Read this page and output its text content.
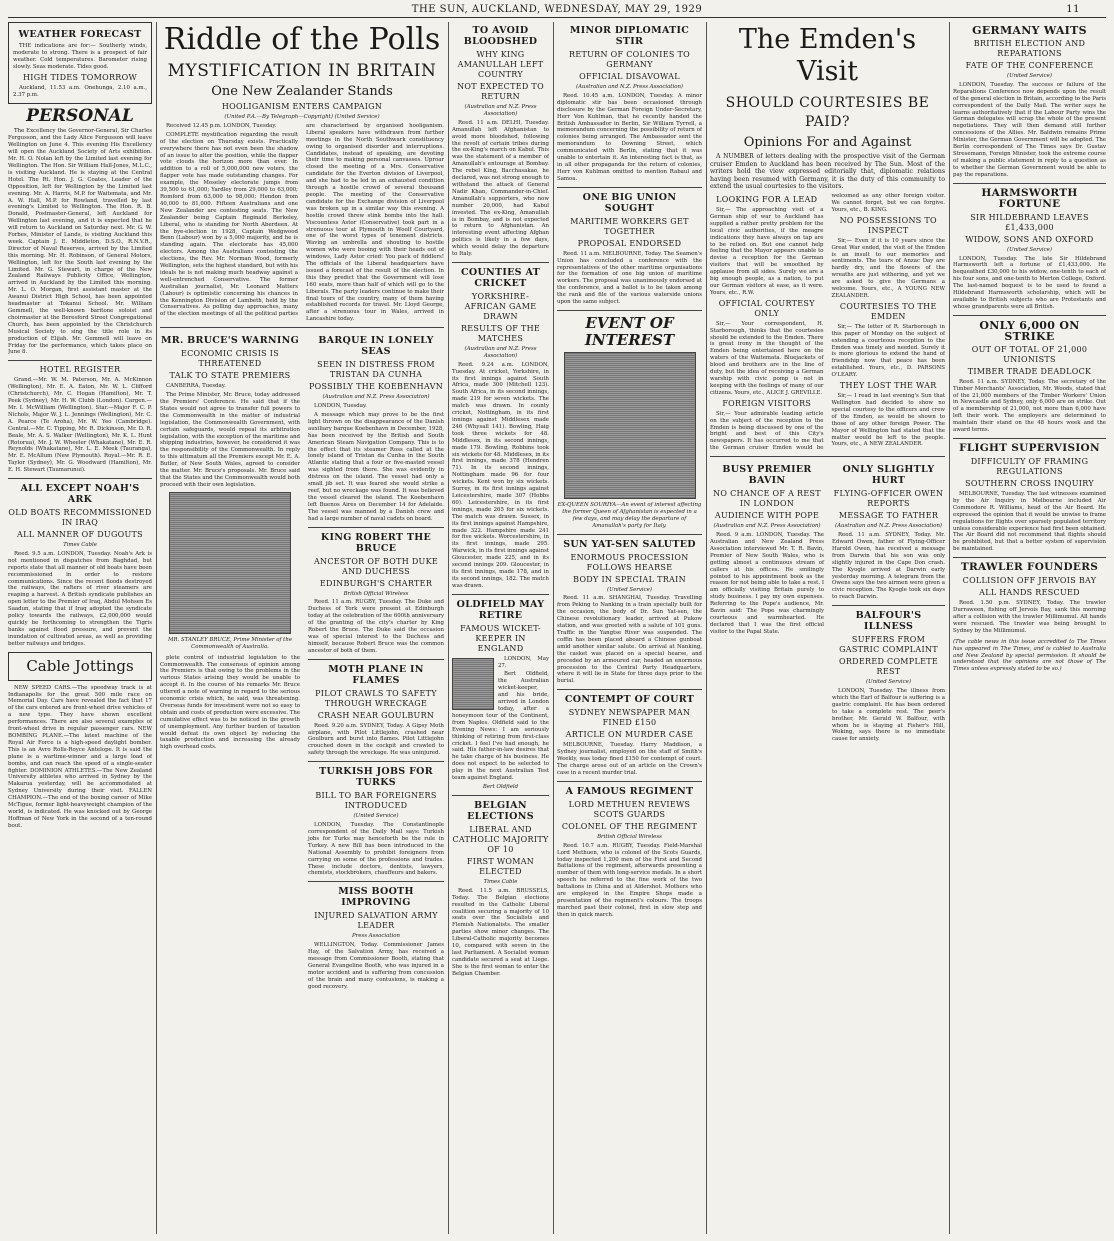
THE SUN, AUCKLAND, WEDNESDAY, MAY 29, 1929	11
WEATHER FORECAST

THE indications are for:— Southerly winds, moderate to strong. There is a prospect of fair weather. Cold temperatures. Barometer rising slowly. Seas moderate. Tides good.

HIGH TIDES TOMORROW

Auckland, 11.53 a.m. Onehunga, 2.10 a.m., 2.37 p.m.

PERSONAL

The Excellency the Governor-General, Sir Charles Fergusson, and the Lady Alice Fergusson will leave Wellington on June 4. This evening His Excellency will open the Auckland Society of Arts exhibition. Mr. H. O. Nolan left by the Limited last evening for Wellington. The Hon. Sir William Hall-Jones, M.L.C., is visiting Auckland. He is staying at the Central Hotel. The Rt. Hon. J. G. Coates, Leader of the Opposition, left for Wellington by the Limited last evening. Mr. A. Harris, M.P. for Waitemata, and Mr. A. W. Hall, M.P. for Rowland, travelled by last evening's Limited to Wellington. The Hon. R. B. Donald, Postmaster-General, left Auckland for Wellington last evening, and it is expected that he will return to Auckland on Saturday next. Mr. G. W. Forbes, Minister of Lands, is visiting Auckland this week. Captain J. E. Middleton, D.S.O., R.N.V.R., Director of Naval Reserves, arrived by the Limited this morning. Mr. H. Robinson, of General Motors, Wellington, left for the South last evening by the Limited. Mr. G. Stewart, in charge of the New Zealand Railways Publicity Office, Wellington, arrived in Auckland by the Limited this morning. Mr. L. O. Morgan, first assistant master at the Awanui District High School, has been appointed headmaster at Tokanui School. Mr. William Gemmell, the well-known baritone soloist and choirmaster at the Beresford Street Congregational Church, has been appointed by the Christchurch Musical Society to sing the title role in its production of Elijah. Mr. Gemmell will leave on Friday for the performance, which takes place on June 8.

HOTEL REGISTER

Grand.—Mr. W. M. Paterson, Mr. A. McKinnon (Wellington), Mr. E. A. Eaton, Mr. W. L. Clifford (Christchurch), Mr. C. Hogan (Hamilton), Mr. T. Peek (Sydney), Mr. H. W. Clubb (London). Cargen.—Mr. I. McWilliam (Wellington). Star.—Major F. C. P. Nichols, Major W. J. L. Jennings (Wellington), Mr. C. A. Pearce (Te Aroha), Mr. W. Yeo (Cambridge). Central.—Mr. C. Tipping, Mr. R. Dickinson, Mr. D. R. Beale, Mr. A. S. Walker (Wellington), Mr. K. L. Hunt (Rotorua), Mr. J. W. Wheeler (Whakatane), Mr. E. R. Reynolds (Whakatane), Mr. L. E. Meek (Tauranga), Mr. E. McAllum (New Plymouth). Royal.—Mr. R. E. Taylor (Sydney), Mr. G. Woodward (Hamilton), Mr. E. H. Stewart (Taumarunui).

ALL EXCEPT NOAH'S ARK
OLD BOATS RECOMMISSIONED IN IRAQ
ALL MANNER OF DUGOUTS
Times Cable

Reed. 9.5 a.m. LONDON, Tuesday. Noah's Ark is not mentioned in dispatches from Baghdad, but reports state that all manner of old boats have been recommissioned in order to restore communications. Since the recent floods destroyed the railways, the rafters of river steamers are reaping a harvest. A British syndicate publishes an open letter to the Premier of Iraq, Abdul Mohsen Es Saadun, stating that if Iraq adopted the syndicate policy towards the railways, £2,000,000 would quickly be forthcoming to strengthen the Tigris banks against flood pressure, and prevent the inundation of cultivated areas, as well as providing better railways and bridges.

Cable Jottings

NEW SPEED CARS.—The speedway track is at Indianapolis for the great 500 mile race on Memorial Day. Cars have revealed the fact that 17 of the cars entered are front-wheel drive vehicles of a new type. They have shown excellent performances. There are also several examples of front-wheel drive in regular passenger cars. NEW BOMBING PLANE.—The latest machine of the Royal Air Force is a high-speed daylight bomber. This is an Avro Rolls-Royce Antelope. It is said the plane is a wartime-winner and a large load of bombs, and can reach the speed of a single-seater fighter. DOMINION ATHLETES.—The New Zealand University athletes who arrived in Sydney by the Makarua yesterday, will be accommodated at Sydney University during their visit. FALLEN CHAMPION.—The end of the boxing career of Mike McTigue, former light-heavyweight champion of the world, is indicated. He was knocked out by George Hoffman of New York in the second of a ten-round bout.

Riddle of the Polls
MYSTIFICATION IN BRITAIN
One New Zealander Stands
HOOLIGANISM ENTERS CAMPAIGN
(United P.A.—By Telegraph—Copyright) (United Service)

Received 12.45 p.m. LONDON, Tuesday.

COMPLETE mystification regarding the result of the election on Thursday exists. Practically everywhere there has not even been the shadow of an issue to alter the position, while the flapper vote clouds the horizon more than ever. In addition to a roll of 5,000,000 new voters, the flapper vote has made outstanding changes. For example, the Moseley electorate jumps from 39,500 to 61,000; Yardley from 29,000 to 63,000; Romford from 63,000 to 98,000; Hendon from 40,000 to 81,000. Fifteen Australians and one New Zealander are contesting seats. The New Zealander being Captain Reginald Berkeley, Liberal, who is standing for North Aberdeen. At the bye-election in 1928, Captain Wedgwood Benn (Labour) won by a 5,000 majority, and he is standing again. The electorate has 45,000 electors. Among the Australians contesting the elections, the Rev. Mr. Norman Wood, formerly Wellington, sets the highest standard, but with his ideals he is not making much headway against a well-entrenched Conservative. The former Australian journalist, Mr. Leonard Matters (Labour) is optimistic concerning his chances in the Kennington Division of Lambeth, held by the Conservatives. As polling day approaches, many of the election meetings of all the political parties are characterised by organised hooliganism. Liberal speakers have withdrawn from further meetings in the North Southwark constituency owing to organised disorder and interruptions. Candidates, instead of speaking, are devoting their time to making personal canvasses. Uproar closed the meeting of a Mrs. Conservative candidate for the Everton division of Liverpool, and she had to be led in an exhausted condition through a hostile crowd of several thousand people. The meeting of the Conservative candidate for the Exchange division of Liverpool was broken up in a similar way this evening. A hostile crowd threw stink bombs into the hall. Viscountess Astor (Conservative) took part in a strenuous tour at Plymouth in Woolf Courtyard, one of the worst types of tenement districts. Waving an umbrella and shouting to hostile women who were booing with their heads out of windows, Lady Astor cried: You pack of fiddlers! The officials of the Liberal headquarters have issued a forecast of the result of the election. In this they predict that the Government will lose 160 seats, more than half of which will go to the Liberals. The party leaders continue to make their final tours of the country, many of them having established records for travel. Mr. Lloyd George, after a strenuous tour in Wales, arrived in Lancashire today.

MR. BRUCE'S WARNING
ECONOMIC CRISIS IS THREATENED
TALK TO STATE PREMIERS

CANBERRA, Tuesday.

The Prime Minister, Mr. Bruce, today addressed the Premiers' Conference. He said that if the States would not agree to transfer full powers to the Commonwealth in the matter of industrial legislation, the Commonwealth Government, with certain safeguards, would repeal its arbitration legislation, with the exception of the maritime and shipping industries, however, he considered it was the responsibility of the Commonwealth. In reply to this ultimatum all the Premiers except Mr. E. A. Butler, of New South Wales, agreed to consider the matter. Mr. Bruce's proposals. Mr. Bruce said that the States and the Commonwealth would both proceed with their own legislation.

MR. STANLEY BRUCE, Prime Minister of the Commonwealth of Australia.

plete control of industrial legislation to the Commonwealth. The consensus of opinion among the Premiers is that owing to the problems in the various States arising they would be unable to accept it. In the course of his remarks Mr. Bruce uttered a note of warning in regard to the serious economic crisis which, he said, was threatening. Overseas funds for investment were not so easy to obtain and costs of production were excessive. The cumulative effect was to be noticed in the growth of unemployment. Any further burden of taxation would defeat its own object by reducing the taxable production and increasing the already high overhead costs.

BARQUE IN LONELY SEAS
SEEN IN DISTRESS FROM TRISTAN DA CUNHA
POSSIBLY THE KOEBENHAVN
(Australian and N.Z. Press Association)

LONDON, Tuesday.

A message which may prove to be the first light thrown on the disappearance of the Danish auxiliary barque Koebenhavn in December, 1928, has been received by the British and South American Steam Navigation Company. This is to the effect that its steamer Ross called at the lonely island of Tristan da Cunha in the South Atlantic stating that a four or five-masted vessel was sighted from there. She was evidently in distress on the island. The vessel had only a small jib set. It was feared she would strike a reef, but no wreckage was found. It was believed the vessel cleared the island. The Koebenhavn left Buenos Aires on December 14 for Adelaide. The vessel was manned by a Danish crew and had a large number of naval cadets on board.

KING ROBERT THE BRUCE
ANCESTOR OF BOTH DUKE AND DUCHESS
EDINBURGH'S CHARTER
British Official Wireless

Reed. 11 a.m. RUGBY, Tuesday. The Duke and Duchess of York were present at Edinburgh today at the celebration of the 600th anniversary of the granting of the city's charter by King Robert the Bruce. The Duke said the occasion was of special interest to the Duchess and himself, because Robert Bruce was the common ancestor of both of them.

MOTH PLANE IN FLAMES
PILOT CRAWLS TO SAFETY THROUGH WRECKAGE
CRASH NEAR GOULBURN

Reed. 9.20 a.m. SYDNEY, Today. A Gipsy Moth airplane, with Pilot Littlejohn, crashed near Goulburn and burst into flames. Pilot Littlejohn crouched down in the cockpit and crawled to safety through the wreckage. He was uninjured.

TURKISH JOBS FOR TURKS
BILL TO BAR FOREIGNERS INTRODUCED
(United Service)

LONDON, Tuesday. The Constantinople correspondent of the Daily Mail says: Turkish jobs for Turks may henceforth be the rule in Turkey. A new Bill has been introduced in the National Assembly to prohibit foreigners from carrying on some of the professions and trades. These include doctors, dentists, lawyers, chemists, stockbrokers, chauffeurs and bakers.

MISS BOOTH IMPROVING
INJURED SALVATION ARMY LEADER
Press Association

WELLINGTON, Today. Commissioner James Hay, of the Salvation Army, has received a message from Commissioner Booth, stating that General Evangeline Booth, who was injured in a motor accident and is suffering from concussion of the brain and many contusions, is making a good recovery.

TO AVOID BLOODSHED
WHY KING AMANULLAH LEFT COUNTRY
NOT EXPECTED TO RETURN
(Australian and N.Z. Press Association)

Reed. 11 a.m. DELHI, Tuesday. Amanullah left Afghanistan to avoid more bloodshed, following the revolt of certain tribes during the ex-King's march on Kabul. This was the statement of a member of Amanullah's entourage at Bombay. The rebel King, Bacchasakao, he declared, was not strong enough to withstand the attack of General Nadir Khan, Commander-in-Chief. Amanullah's supporters, who now number 20,000, had Kabul invested. The ex-King, Amanullah is in Bombay, and is not expected to return to Afghanistan. An interesting event affecting Afghan politics is likely in a few days, which would delay the departure to Italy.

COUNTIES AT CRICKET
YORKSHIRE-AFRICAN GAME DRAWN
RESULTS OF THE MATCHES
(Australian and N.Z. Press Association)

Reed. 9.24 a.m. LONDON, Tuesday. At cricket, Yorkshire, in its first innings against South Africa, made 300 (Mitchell 123). South Africa, in its second innings, made 219 for seven wickets. The match was drawn. In county cricket, Nottingham, in its first innings against Middlesex made 246 (Whysall 141). Bowling, Haig took three wickets for 48. Middlesex, in its second innings, made 179. Bowling, Robbins took six wickets for 48. Middlesex, in its first innings, made 378 (Hendren 71). In its second innings, Nottingham made 96 for four wickets. Kent won by six wickets. Surrey, in its first innings against Leicestershire, made 307 (Hobbs 60). Leicestershire, in its first innings, made 265 for six wickets. The match was drawn. Sussex, in its first innings against Hampshire, made 322. Hampshire made 241 for five wickets. Worcestershire, in its first innings, made 295. Warwick, in its first innings against Gloucester, made 225, and in its second innings 209. Gloucester, in its first innings, made 178, and in its second innings, 182. The match was drawn.

OLDFIELD MAY RETIRE
FAMOUS WICKET-KEEPER IN ENGLAND

LONDON, May 27.

Bert Oldfield, the Australian wicket-keeper, and his bride, arrived in London today, after a honeymoon tour of the Continent, from Naples. Oldfield said to the Evening News: I am seriously thinking of retiring from first-class cricket. I feel I've had enough, he said. His father-in-law desires that he take charge of his business. He does not expect to be selected to play in the next Australian Test team against England.

Bert Oldfield
BELGIAN ELECTIONS
LIBERAL AND CATHOLIC MAJORITY OF 10
FIRST WOMAN ELECTED
Times Cable

Reed. 11.5 a.m. BRUSSELS, Today. The Belgian elections resulted in the Catholic Liberal coalition securing a majority of 10 seats over the Socialists and Flemish Nationalists. The smaller parties show minor changes. The Liberal-Catholic majority becomes 10, compared with seven in the last Parliament. A Socialist woman candidate secured a seat at Liege. She is the first woman to enter the Belgian Chamber.

MINOR DIPLOMATIC STIR
RETURN OF COLONIES TO GERMANY
OFFICIAL DISAVOWAL
(Australian and N.Z. Press Association)

Reed. 10.45 a.m. LONDON, Tuesday. A minor diplomatic stir has been occasioned through disclosure by the German Foreign Under-Secretary, Herr Von Kuhlman, that he recently handed the British Ambassador in Berlin, Sir William Tyrrell, a memorandum concerning the possibility of return of colonies being arranged. The Ambassador sent the memorandum to Downing Street, which communicated with Berlin, stating that it was unable to entertain it. An interesting fact is that, as in all other propaganda for the return of colonies, Herr von Kuhlman omitted to mention Rabaul and Samoa.

ONE BIG UNION SOUGHT
MARITIME WORKERS GET TOGETHER
PROPOSAL ENDORSED

Reed. 11 a.m. MELBOURNE, Today. The Seamen's Union has concluded a conference with the representatives of the other maritime organisations for the formation of one big union of maritime workers. The proposal was unanimously endorsed at the conference, and a ballot is to be taken among the rank and file of the various waterside unions upon the same subject.

EVENT OF INTEREST
EX-QUEEN SOURIYA—An event of interest affecting the former Queen of Afghanistan is expected in a few days, and may delay the departure of Amanullah's party for Italy.
SUN YAT-SEN SALUTED
ENORMOUS PROCESSION FOLLOWS HEARSE
BODY IN SPECIAL TRAIN
(United Service)

Reed. 11 a.m. SHANGHAI, Tuesday. Travelling from Peking to Nanking in a train specially built for the occasion, the body of Dr. Sun Yat-sen, the Chinese revolutionary leader, arrived at Pukow station, and was greeted with a salute of 101 guns. Traffic in the Yangtse River was suspended. The coffin has been placed aboard a Chinese gunboat amid another similar salute. On arrival at Nanking, the casket was placed on a special hearse, and preceded by an armoured car, headed an enormous procession to the Central Party Headquarters, where it will lie in State for three days prior to the burial.

CONTEMPT OF COURT
SYDNEY NEWSPAPER MAN FINED £150
ARTICLE ON MURDER CASE

MELBOURNE, Tuesday. Harry Maddison, a Sydney journalist, employed on the staff of Smith's Weekly, was today fined £150 for contempt of court. The charge arose out of an article on the Crown's case in a recent murder trial.

A FAMOUS REGIMENT
LORD METHUEN REVIEWS SCOTS GUARDS
COLONEL OF THE REGIMENT
British Official Wireless

Reed. 10.7 a.m. RUGBY, Tuesday. Field-Marshal Lord Methuen, who is colonel of the Scots Guards, today inspected 1,200 men of the First and Second Battalions of the regiment, afterwards presenting a number of them with long-service medals. In a short speech he referred to the fine work of the two battalions in China and at Aldershot. Mothers who are employed in the Empire Shops made a presentation of the regiment's colours. The troops marched past their colonel, first in slow step and then in quick march.

The Emden's Visit
SHOULD COURTESIES BE PAID?
Opinions For and Against

A NUMBER of letters dealing with the prospective visit of the German cruiser Emden to Auckland has been received by The Sun. Most of the writers hold the view expressed editorially that, diplomatic relations having been resumed with Germany, it is the duty of this community to extend the usual courtesies to the visitors.

LOOKING FOR A LEAD

Sir,— The approaching visit of a German ship of war to Auckland has supplied a rather pretty problem for the local civic authorities, if the meagre indications they have always on tap are to be relied on. But one cannot help feeling that the Mayor appears unable to devise a reception for the German visitors that will be smoothed by applause from all sides. Surely we are a big enough people, as a nation, to put our German visitors at ease, as it were. Yours, etc., R.W.

OFFICIAL COURTESY ONLY

Sir,— Your correspondent, H. Starborough, thinks that the courtesies should be extended to the Emden. There is great irony in the thought of the Emden being entertained here on the waters of the Waitemata. Bluejackets of blood and brothers are in the line of duty, but the idea of receiving a German warship with civic pomp is not in keeping with the feelings of many of our citizens. Yours, etc., ALICE J. GREVILLE.

FOREIGN VISITORS

Sir,— Your admirable leading article on the subject of the reception to the Emden is being discussed by one of the bright and best of this City's newspapers. It has occurred to me that the German cruiser Emden would be welcomed as any other foreign visitor. We cannot forget, but we can forgive. Yours, etc., B. KING.

NO POSSESSIONS TO INSPECT

Sir,— Even if it is 10 years since the Great War ended, the visit of the Emden is an insult to our memories and sentiments. The tears of Anzac Day are hardly dry, and the flowers of the wreaths are just withering, and yet we are asked to give the Germans a welcome. Yours, etc., A YOUNG NEW ZEALANDER.

COURTESIES TO THE EMDEN

Sir,— The letter of R. Starborough in this paper of Monday on the subject of extending a courteous reception to the Emden was timely and needed. Surely it is more glorious to extend the hand of friendship now that peace has been established. Yours, etc., D. PARSONS O'LEARY.

THEY LOST THE WAR

Sir,— I read in last evening's Sun that Wellington had decided to show no special courtesy to the officers and crew of the Emden, as would be shown to those of any other foreign Power. The Mayor of Wellington had stated that the matter would be left to the people. Yours, etc., A NEW ZEALANDER.

BUSY PREMIER BAVIN
NO CHANCE OF A REST IN LONDON
AUDIENCE WITH POPE
(Australian and N.Z. Press Association)

Reed. 9 a.m. LONDON, Tuesday. The Australian and New Zealand Press Association interviewed Mr. T. R. Bavin, Premier of New South Wales, who is getting almost a continuous stream of callers at his offices. He smilingly pointed to his appointment book as the reason for not being able to take a rest. I am officially visiting Britain purely to study business. I pay my own expenses. Referring to the Pope's audience, Mr. Bavin said: The Pope was charmingly courteous and warmhearted. He declared that I was the first official visitor to the Papal State.

ONLY SLIGHTLY HURT
FLYING-OFFICER OWEN REPORTS
MESSAGE TO FATHER
(Australian and N.Z. Press Association)

Reed. 11 a.m. SYDNEY, Today. Mr. Edward Owen, father of Flying-Officer Harold Owen, has received a message from Darwin that his son was only slightly injured in the Cape Don crash. The Kyogle arrived at Darwin early yesterday morning. A telegram from the Owens says the two airmen were given a civic reception. The Kyogle took six days to reach Darwin.

BALFOUR'S ILLNESS
SUFFERS FROM GASTRIC COMPLAINT
ORDERED COMPLETE REST
(United Service)

LONDON, Tuesday. The illness from which the Earl of Balfour is suffering is a gastric complaint. He has been ordered to take a complete rest. The peer's brother, Mr. Gerald W. Balfour, with whom he is staying at Fisher's Hill, Woking, says there is no immediate cause for anxiety.

GERMANY WAITS
BRITISH ELECTION AND REPARATIONS
FATE OF THE CONFERENCE
(United Service)

LONDON, Tuesday. The success or failure of the Reparations Conference now depends upon the result of the general election in Britain, according to the Paris correspondent of the Daily Mail. The writer says he learns authoritatively that if the Labour Party wins the German delegates will scrap the whole of the present negotiations. They will then demand still further concessions of the Allies. Mr. Baldwin remains Prime Minister, the German Government will be adopted. The Berlin correspondent of The Times says Dr. Gustav Stresemann, Foreign Minister, took the extreme course of making a public statement in reply to a question as to whether the German Government would be able to pay the reparations.

HARMSWORTH FORTUNE
SIR HILDEBRAND LEAVES £1,433,000
WIDOW, SONS AND OXFORD
(United Service)

LONDON, Tuesday. The late Sir Hildebrand Harmsworth left a fortune of £1,433,000. He bequeathed £30,000 to his widow, one-tenth to each of his four sons, and one-tenth to Merton College, Oxford. The last-named bequest is to be used to found a Hildebrand Harmsworth scholarship, which will be available to British subjects who are Protestants and whose grandparents were all British.

ONLY 6,000 ON STRIKE
OUT OF TOTAL OF 21,000 UNIONISTS
TIMBER TRADE DEADLOCK

Reed. 11 a.m. SYDNEY, Today. The secretary of the Timber Merchants' Association, Mr. Woods, stated that of the 21,000 members of the Timber Workers' Union in Newcastle and Sydney, only 6,000 are on strike. Out of a membership of 21,000, not more than 6,000 have left their work. The employers are determined to maintain their stand on the 48 hours week and the award terms.

FLIGHT SUPERVISION
DIFFICULTY OF FRAMING REGULATIONS
SOUTHERN CROSS INQUIRY

MELBOURNE, Tuesday. The last witnesses examined by the Air Inquiry in Melbourne included Air Commodore R. Williams, head of the Air Board. He expressed the opinion that it would be unwise to frame regulations for flights over sparsely populated territory unless considerable experience had first been obtained. The Air Board did not recommend that flights should be prohibited, but that a better system of supervision be maintained.

TRAWLER FOUNDERS
COLLISION OFF JERVOIS BAY
ALL HANDS RESCUED

Reed. 1.50 p.m. SYDNEY, Today. The trawler Durraween, fishing off Jervois Bay, sank this morning after a collision with the trawler Millimumul. All hands were rescued. The trawler was being brought to Sydney by the Millimumul.

(The cable news in this issue accredited to The Times has appeared in The Times, and is cabled to Australia and New Zealand by special permission. It should be understood that the opinions are not those of The Times unless expressly stated to be so.)
